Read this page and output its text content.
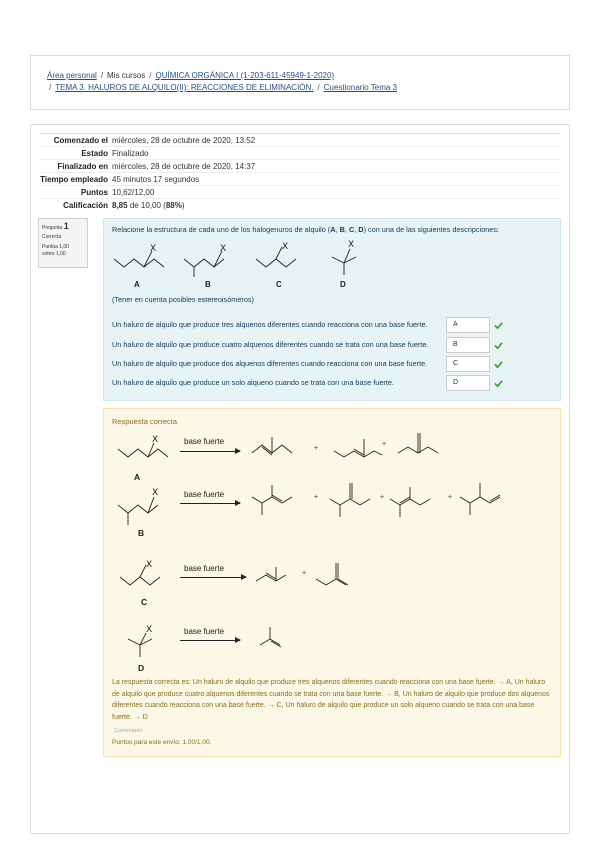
Área personal / Mis cursos / QUÍMICA ORGÁNICA I (1-203-611-45949-1-2020)
/ TEMA 3. HALUROS DE ALQUILO(II): REACCIONES DE ELIMINACIÓN. / Cuestionario Tema 3
Comenzado el miércoles, 28 de octubre de 2020, 13:52
Estado Finalizado
Finalizado en miércoles, 28 de octubre de 2020, 14:37
Tiempo empleado 45 minutos 17 segundos
Puntos 10,62/12,00
Calificación 8,85 de 10,00 (88%)
Pregunta 1
Correcta
Puntúa 1,00
sobre 1,00
Relacione la estructura de cada uno de los halogenuros de alquilo (A, B, C, D) con una de las siguientes descripciones:
X
A
X
B
X
C
X
D
(Tener en cuenta posibles estereoisómeros)
Un haluro de alquilo que produce tres alquenos diferentes cuando reacciona con una base fuerte.	A
Un haluro de alquilo que produce cuatro alquenos diferentes cuando se trata con una base fuerte.	B
Un haluro de alquilo que produce dos alquenos diferentes cuando reacciona con una base fuerte.	C
Un haluro de alquilo que produce un solo alqueno cuando se trata con una base fuerte.	D
Respuesta correcta
X
A
base fuerte
+
+
X
B
base fuerte	+	+	+
X
C
base fuerte
+
X
D
base fuerte
La respuesta correcta es: Un haluro de alquilo que produce tres alquenos diferentes cuando reacciona con una base fuerte. → A, Un haluro de alquilo que produce cuatro alquenos diferentes cuando se trata con una base fuerte. → B, Un haluro de alquilo que produce dos alquenos diferentes cuando reacciona con una base fuerte. → C, Un haluro de alquilo que produce un solo alqueno cuando se trata con una base fuerte. → D
Comentario
Puntos para este envío: 1,00/1,00.
